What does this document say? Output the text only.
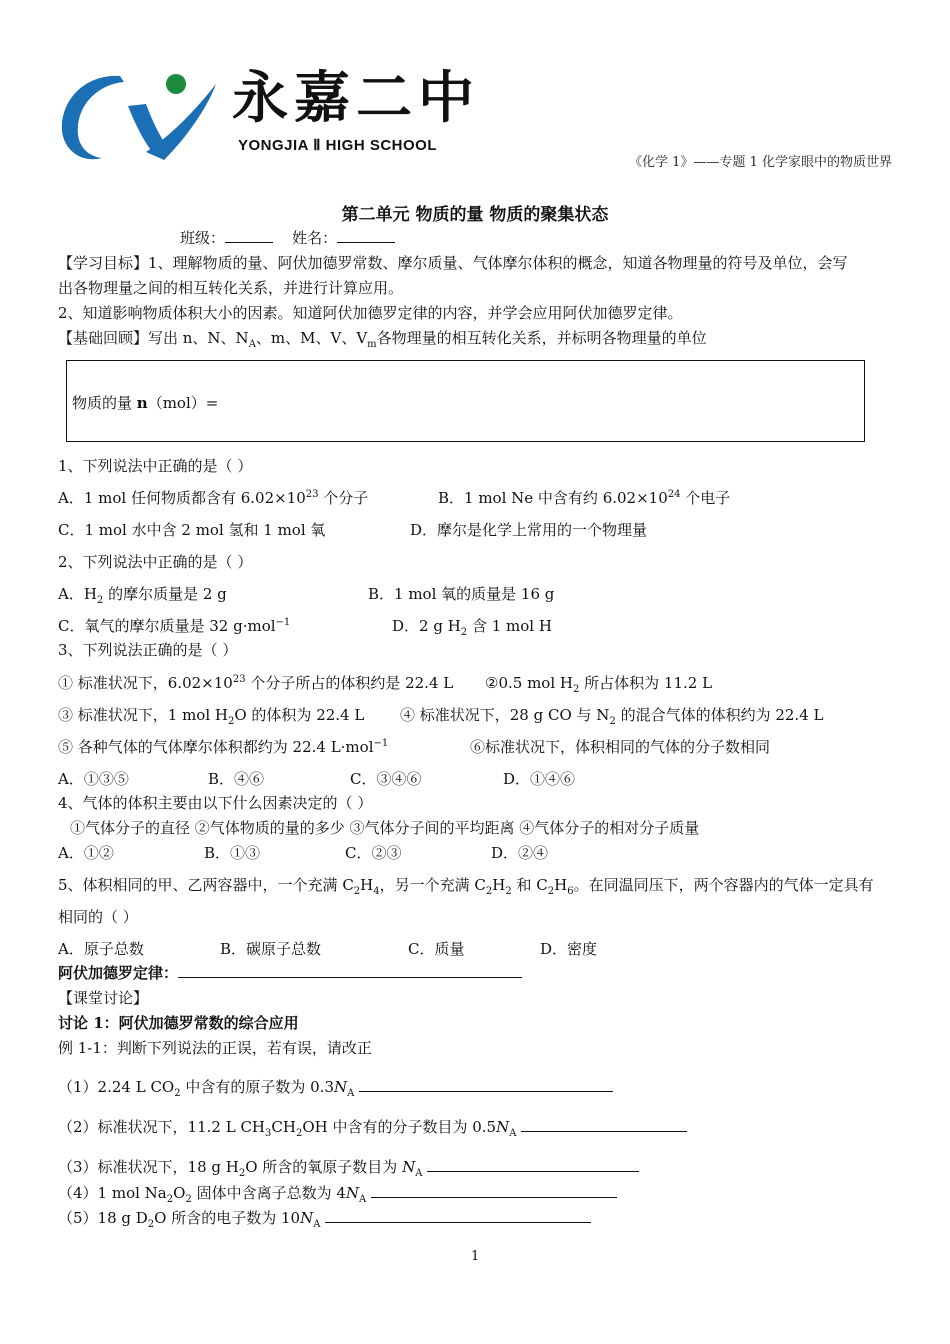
永嘉二中
YONGJIA Ⅱ HIGH SCHOOL
《化学 1》——专题 1 化学家眼中的物质世界
第二单元 物质的量 物质的聚集状态
班级：	姓名：
【学习目标】1、理解物质的量、阿伏加德罗常数、摩尔质量、气体摩尔体积的概念，知道各物理量的符号及单位，会写
出各物理量之间的相互转化关系，并进行计算应用。
2、知道影响物质体积大小的因素。知道阿伏加德罗定律的内容，并学会应用阿伏加德罗定律。
【基础回顾】写出 n、N、$N_A$、m、M、V、$V_m$各物理量的相互转化关系，并标明各物理量的单位
物质的量 n（mol）=
1、下列说法中正确的是（ ）
A．1 mol 任何物质都含有 $6.02\times 10^{23}$ 个分子	B．1 mol Ne 中含有约 $6.02\times 10^{24}$ 个电子
C．1 mol 水中含 2 mol 氢和 1 mol 氧	D．摩尔是化学上常用的一个物理量
2、下列说法中正确的是（ ）
A．$H_2$ 的摩尔质量是 2 g	B．1 mol 氧的质量是 16 g
C．氧气的摩尔质量是 32 g·mol$^{-1}$	D．2 g $H_2$ 含 1 mol H
3、下列说法正确的是（ ）
① 标准状况下，$6.02\times 10^{23}$ 个分子所占的体积约是 22.4 L ②0.5 mol $H_2$ 所占体积为 11.2 L
③ 标准状况下，1 mol $H_2O$ 的体积为 22.4 L ④ 标准状况下，28 g CO 与 $N_2$ 的混合气体的体积约为 22.4 L
⑤ 各种气体的气体摩尔体积都约为 22.4 L·mol$^{-1}$	⑥标准状况下，体积相同的气体的分子数相同
A．①③⑤	B．④⑥	C．③④⑥	D．①④⑥
4、气体的体积主要由以下什么因素决定的（ ）
①气体分子的直径 ②气体物质的量的多少 ③气体分子间的平均距离 ④气体分子的相对分子质量
A．①②	B．①③	C．②③	D．②④
5、体积相同的甲、乙两容器中，一个充满 $C_2H_4$，另一个充满 $C_2H_2$ 和 $C_2H_6$。在同温同压下，两个容器内的气体一定具有
相同的（ ）
A．原子总数	B．碳原子总数	C．质量	D．密度
阿伏加德罗定律：
【课堂讨论】
讨论 1：阿伏加德罗常数的综合应用
例 1-1：判断下列说法的正误，若有误，请改正
（1）2.24 L $CO_2$ 中含有的原子数为 $0.3N_A$
（2）标准状况下，11.2 L $CH_3CH_2OH$ 中含有的分子数目为 $0.5N_A$
（3）标准状况下，18 g $H_2O$ 所含的氧原子数目为 $N_A$
（4）1 mol $Na_2O_2$ 固体中含离子总数为 $4N_A$
（5）18 g $D_2O$ 所含的电子数为 $10N_A$
1
